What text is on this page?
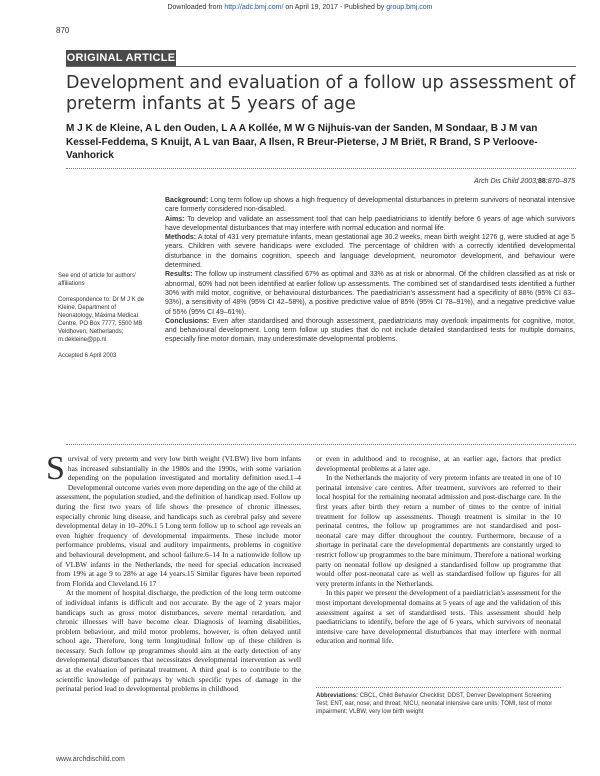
Downloaded from http://adc.bmj.com/ on April 19, 2017 - Published by group.bmj.com
870
ORIGINAL ARTICLE
Development and evaluation of a follow up assessment of preterm infants at 5 years of age
M J K de Kleine, A L den Ouden, L A A Kollée, M W G Nijhuis-van der Sanden, M Sondaar, B J M van Kessel-Feddema, S Knuijt, A L van Baar, A Ilsen, R Breur-Pieterse, J M Briët, R Brand, S P Verloove-Vanhorick
Arch Dis Child 2003;88:870–875

Background: Long term follow up shows a high frequency of developmental disturbances in preterm survivors of neonatal intensive care formerly considered non-disabled.

Aims: To develop and validate an assessment tool that can help paediatricians to identify before 6 years of age which survivors have developmental disturbances that may interfere with normal education and normal life.

Methods: A total of 431 very premature infants, mean gestational age 30.2 weeks, mean birth weight 1276 g, were studied at age 5 years. Children with severe handicaps were excluded. The percentage of children with a correctly identified developmental disturbance in the domains cognition, speech and language development, neuromotor development, and behaviour were determined.

Results: The follow up instrument classified 67% as optimal and 33% as at risk or abnormal. Of the children classified as at risk or abnormal, 60% had not been identified at earlier follow up assessments. The combined set of standardised tests identified a further 30% with mild motor, cognitive, or behavioural disturbances. The paediatrician's assessment had a specificity of 88% (95% CI 83–93%), a sensitivity of 48% (95% CI 42–58%), a positive predictive value of 85% (95% CI 78–91%), and a negative predictive value of 55% (95% CI 49–61%).

Conclusions: Even after standardised and thorough assessment, paediatricians may overlook impairments for cognitive, motor, and behavioural development. Long term follow up studies that do not include detailed standardised tests for multiple domains, especially fine motor domain, may underestimate developmental problems.

See end of article for authors' affiliations

Correspondence to: Dr M J K de Kleine, Department of Neonatology, Máxima Medical Centre, PO Box 7777, 5500 MB Veldhoven, Netherlands; m.dekleine@pp.nl

Accepted 6 April 2003

Survival of very preterm and very low birth weight (VLBW) live born infants has increased substantially in the 1980s and the 1990s, with some variation depending on the population investigated and mortality definition used.1–4 Developmental outcome varies even more depending on the age of the child at assessment, the population studied, and the definition of handicap used. Follow up during the first two years of life shows the presence of chronic illnesses, especially chronic lung disease, and handicaps such as cerebral palsy and severe developmental delay in 10–20%.1 5 Long term follow up to school age reveals an even higher frequency of developmental impairments. These include motor performance problems, visual and auditory impairments, problems in cognitive and behavioural development, and school failure.6–14 In a nationwide follow up of VLBW infants in the Netherlands, the need for special education increased from 19% at age 9 to 28% at age 14 years.15 Similar figures have been reported from Florida and Cleveland.16 17

At the moment of hospital discharge, the prediction of the long term outcome of individual infants is difficult and not accurate. By the age of 2 years major handicaps such as gross motor disturbances, severe mental retardation, and chronic illnesses will have become clear. Diagnosis of learning disabilities, problem behaviour, and mild motor problems, however, is often delayed until school age. Therefore, long term longitudinal follow up of these children is necessary. Such follow up programmes should aim at the early detection of any developmental disturbances that necessitates developmental intervention as well as at the evaluation of perinatal treatment. A third goal is to contribute to the scientific knowledge of pathways by which specific types of damage in the perinatal period lead to developmental problems in childhood

or even in adulthood and to recognise, at an earlier age, factors that predict developmental problems at a later age.

In the Netherlands the majority of very preterm infants are treated in one of 10 perinatal intensive care centres. After treatment, survivors are referred to their local hospital for the remaining neonatal admission and post-discharge care. In the first years after birth they return a number of times to the centre of initial treatment for follow up assessments. Though treatment is similar in the 10 perinatal centres, the follow up programmes are not standardised and post-neonatal care may differ throughout the country. Furthermore, because of a shortage in perinatal care the developmental departments are constantly urged to restrict follow up programmes to the bare minimum. Therefore a national working party on neonatal follow up designed a standardised follow up programme that would offer post-neonatal care as well as standardised follow up figures for all very preterm infants in the Netherlands.

In this paper we present the development of a paediatrician's assessment for the most important developmental domains at 5 years of age and the validation of this assessment against a set of standardised tests. This assessment should help paediatricians to identify, before the age of 6 years, which survivors of neonatal intensive care have developmental disturbances that may interfere with normal education and normal life.

Abbreviations: CBCL, Child Behavior Checklist; DDST, Denver Development Screening Test; ENT, ear, nose, and throat; NICU, neonatal intensive care units; TOMI, test of motor impairment; VLBW, very low birth weight
www.archdischild.com
